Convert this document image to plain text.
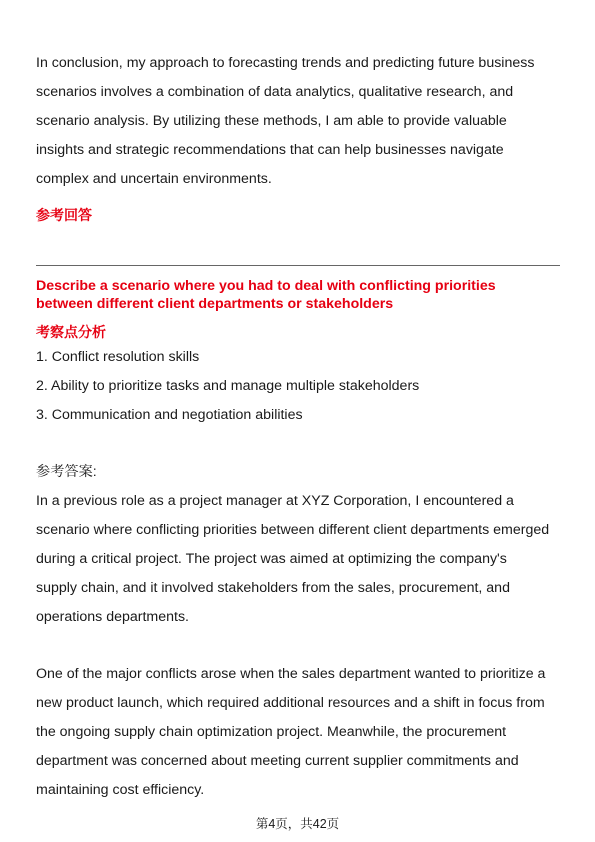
In conclusion, my approach to forecasting trends and predicting future business

scenarios involves a combination of data analytics, qualitative research, and

scenario analysis. By utilizing these methods, I am able to provide valuable

insights and strategic recommendations that can help businesses navigate

complex and uncertain environments.

参考回答

Describe a scenario where you had to deal with conflicting priorities

between different client departments or stakeholders

考察点分析

1. Conflict resolution skills

2. Ability to prioritize tasks and manage multiple stakeholders

3. Communication and negotiation abilities

参考答案:

In a previous role as a project manager at XYZ Corporation, I encountered a

scenario where conflicting priorities between different client departments emerged

during a critical project. The project was aimed at optimizing the company's

supply chain, and it involved stakeholders from the sales, procurement, and

operations departments.

One of the major conflicts arose when the sales department wanted to prioritize a

new product launch, which required additional resources and a shift in focus from

the ongoing supply chain optimization project. Meanwhile, the procurement

department was concerned about meeting current supplier commitments and

maintaining cost efficiency.

第4页，共42页
